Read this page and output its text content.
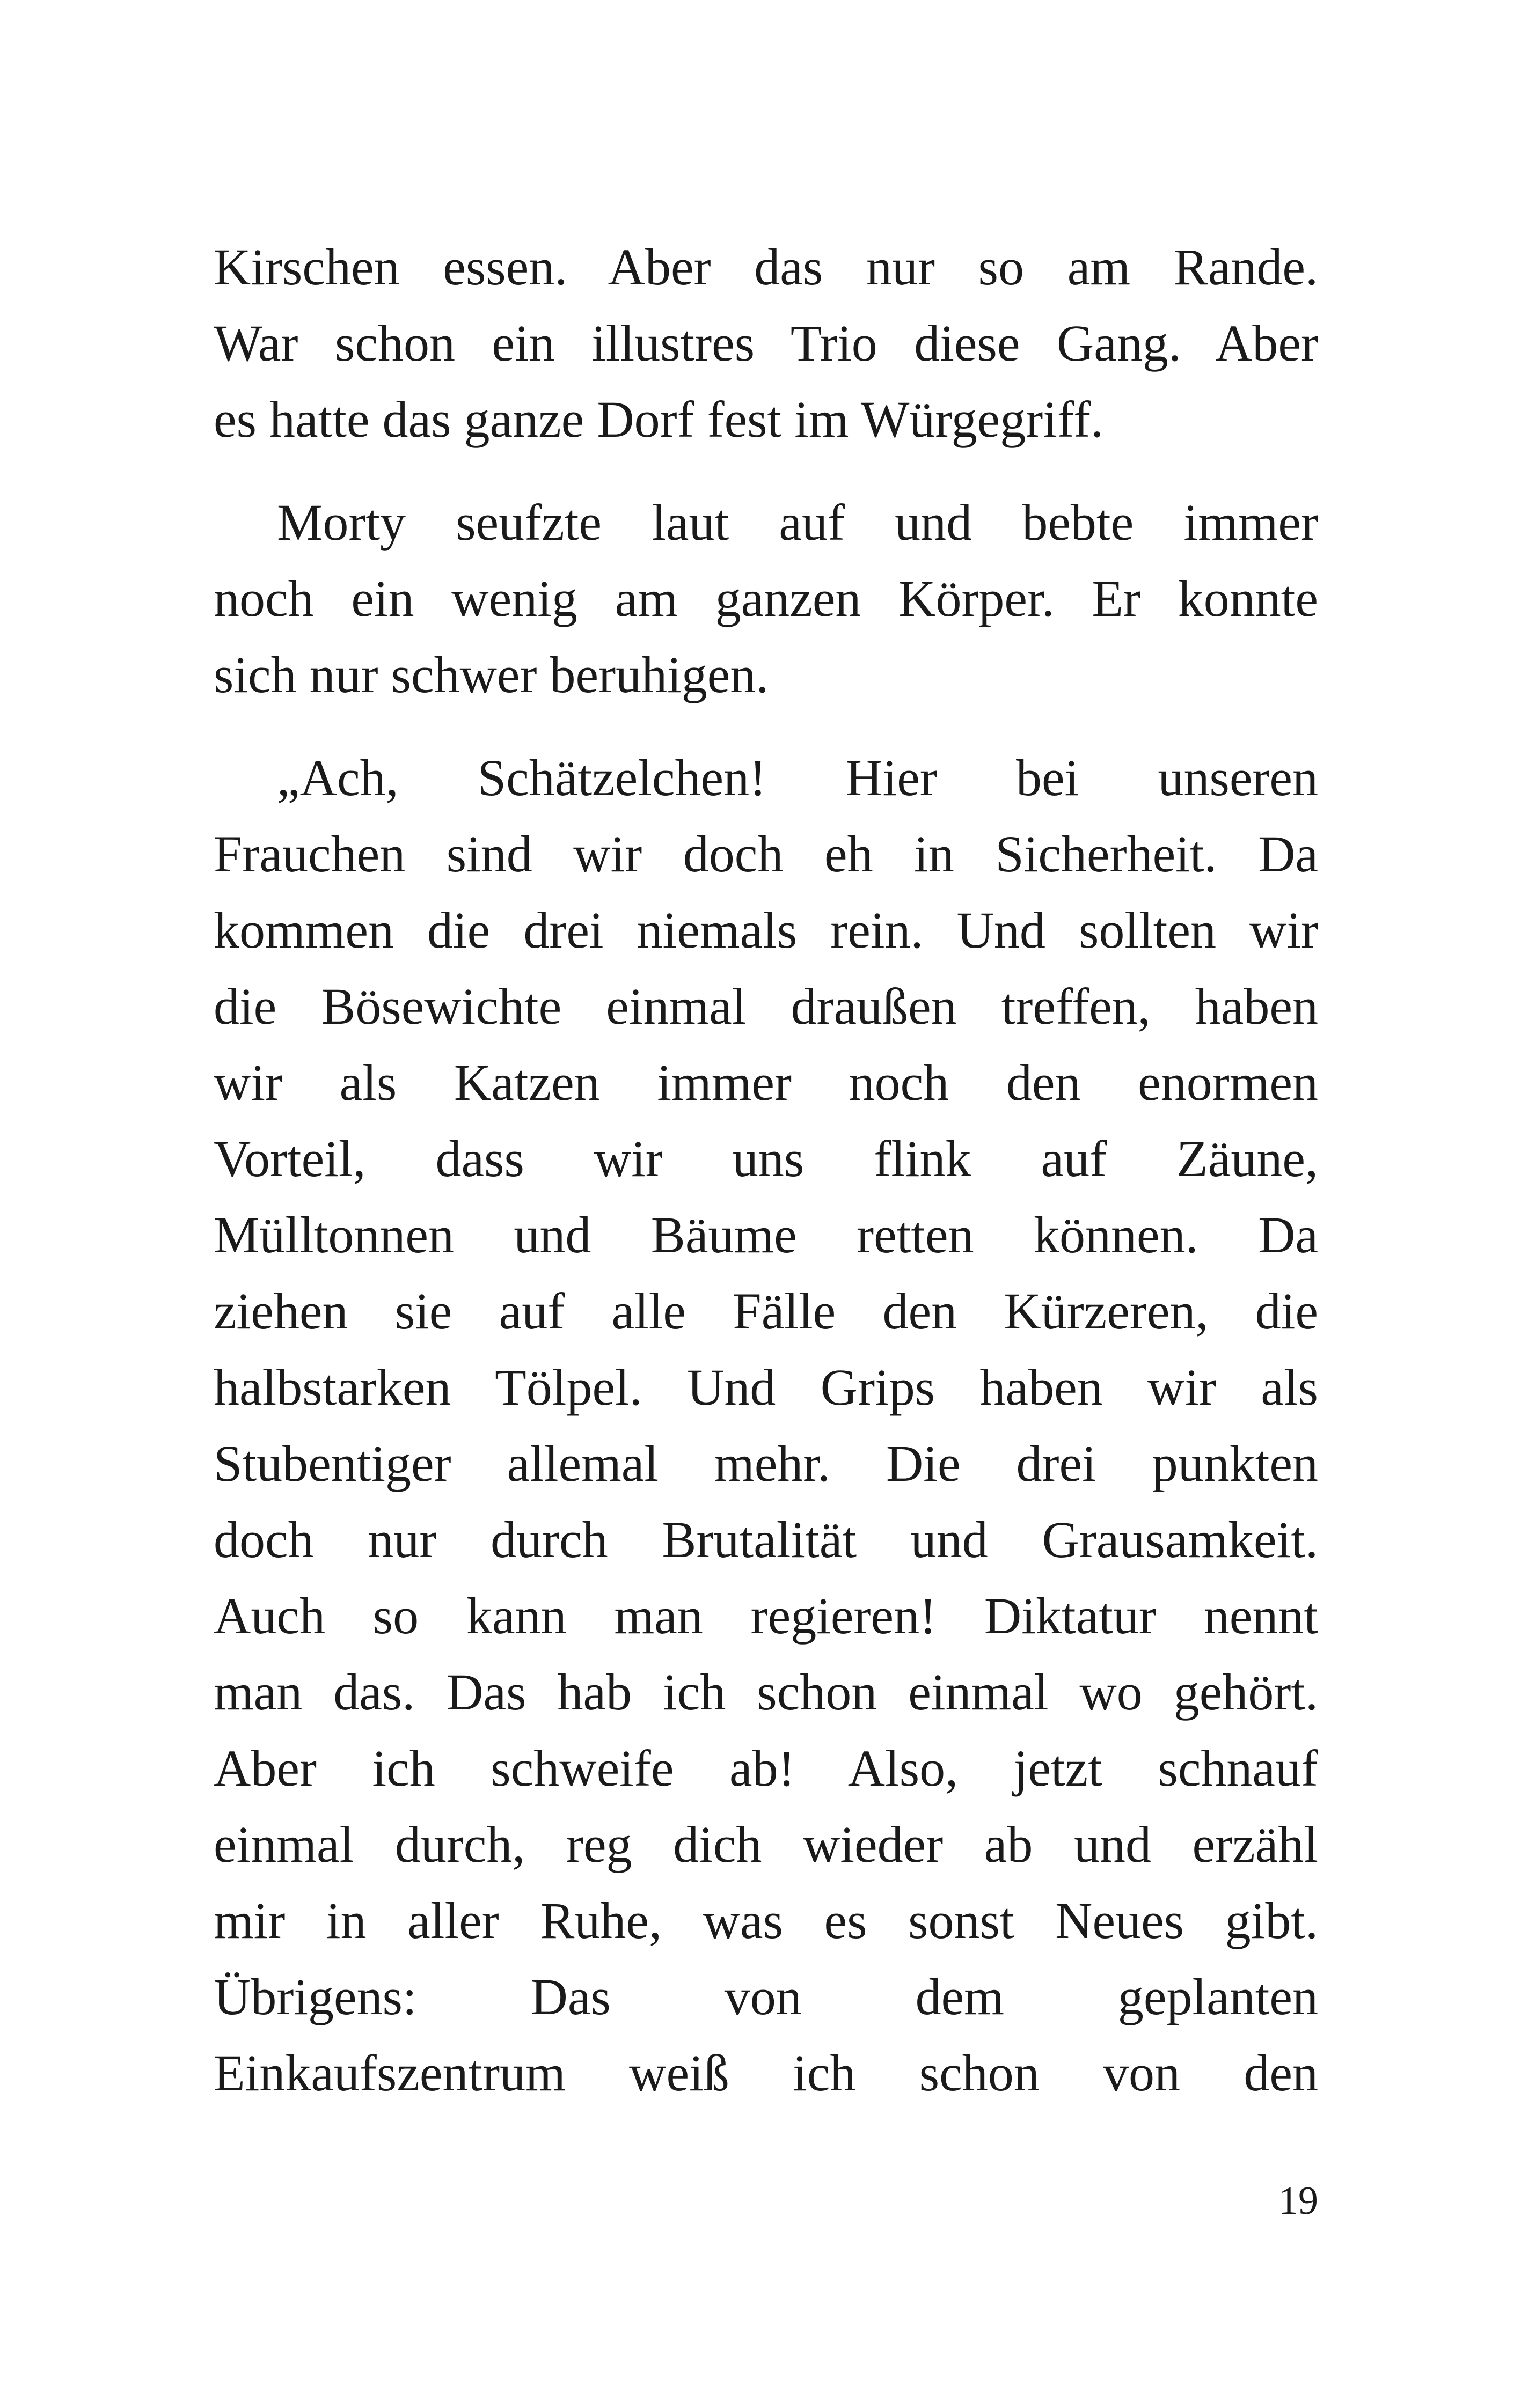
Kirschen essen. Aber das nur so am Rande.
War schon ein illustres Trio diese Gang. Aber
es hatte das ganze Dorf fest im Würgegriff.
Morty seufzte laut auf und bebte immer
noch ein wenig am ganzen Körper. Er konnte
sich nur schwer beruhigen.
„Ach, Schätzelchen! Hier bei unseren
Frauchen sind wir doch eh in Sicherheit. Da
kommen die drei niemals rein. Und sollten wir
die Bösewichte einmal draußen treffen, haben
wir als Katzen immer noch den enormen
Vorteil, dass wir uns flink auf Zäune,
Mülltonnen und Bäume retten können. Da
ziehen sie auf alle Fälle den Kürzeren, die
halbstarken Tölpel. Und Grips haben wir als
Stubentiger allemal mehr. Die drei punkten
doch nur durch Brutalität und Grausamkeit.
Auch so kann man regieren! Diktatur nennt
man das. Das hab ich schon einmal wo gehört.
Aber ich schweife ab! Also, jetzt schnauf
einmal durch, reg dich wieder ab und erzähl
mir in aller Ruhe, was es sonst Neues gibt.
Übrigens: Das von dem geplanten
Einkaufszentrum weiß ich schon von den
19
